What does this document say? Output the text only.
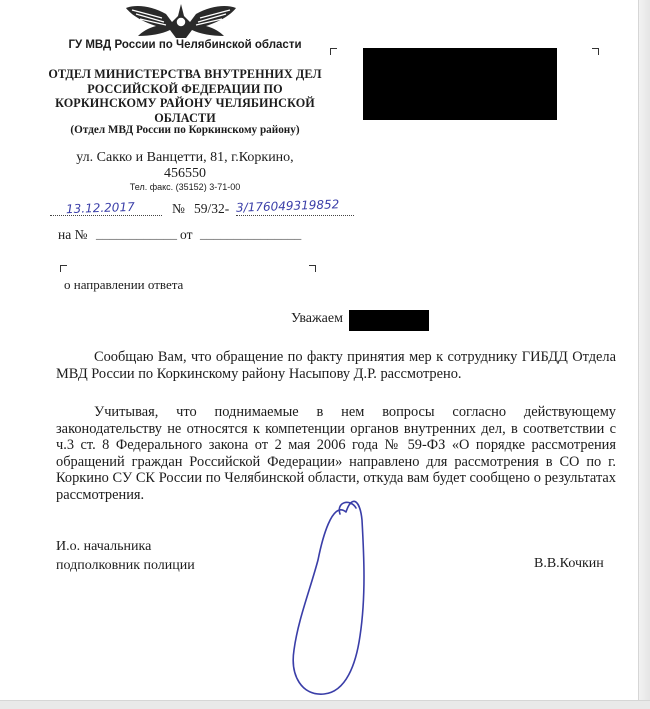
ГУ МВД России по Челябинской области
ОТДЕЛ МИНИСТЕРСТВА ВНУТРЕННИХ ДЕЛ
РОССИЙСКОЙ ФЕДЕРАЦИИ ПО
КОРКИНСКОМУ РАЙОНУ ЧЕЛЯБИНСКОЙ
ОБЛАСТИ
(Отдел МВД России по Коркинскому району)
ул. Сакко и Ванцетти, 81, г.Коркино,
456550
Тел. факс. (35152) 3-71-00
13.12.2017	№ 59/32- 3/176049319852
на № ____________ от _______________
о направлении ответа
Уважаем
Сообщаю Вам, что обращение по факту принятия мер к сотруднику ГИБДД Отдела МВД России по Коркинскому району Насыпову Д.Р. рассмотрено.
Учитывая, что поднимаемые в нем вопросы согласно действующему законодательству не относятся к компетенции органов внутренних дел, в соответствии с ч.3 ст. 8 Федерального закона от 2 мая 2006 года № 59-ФЗ «О порядке рассмотрения обращений граждан Российской Федерации» направлено для рассмотрения в СО по г. Коркино СУ СК России по Челябинской области, откуда вам будет сообщено о результатах рассмотрения.
И.о. начальника
подполковник полиции	В.В.Кочкин
